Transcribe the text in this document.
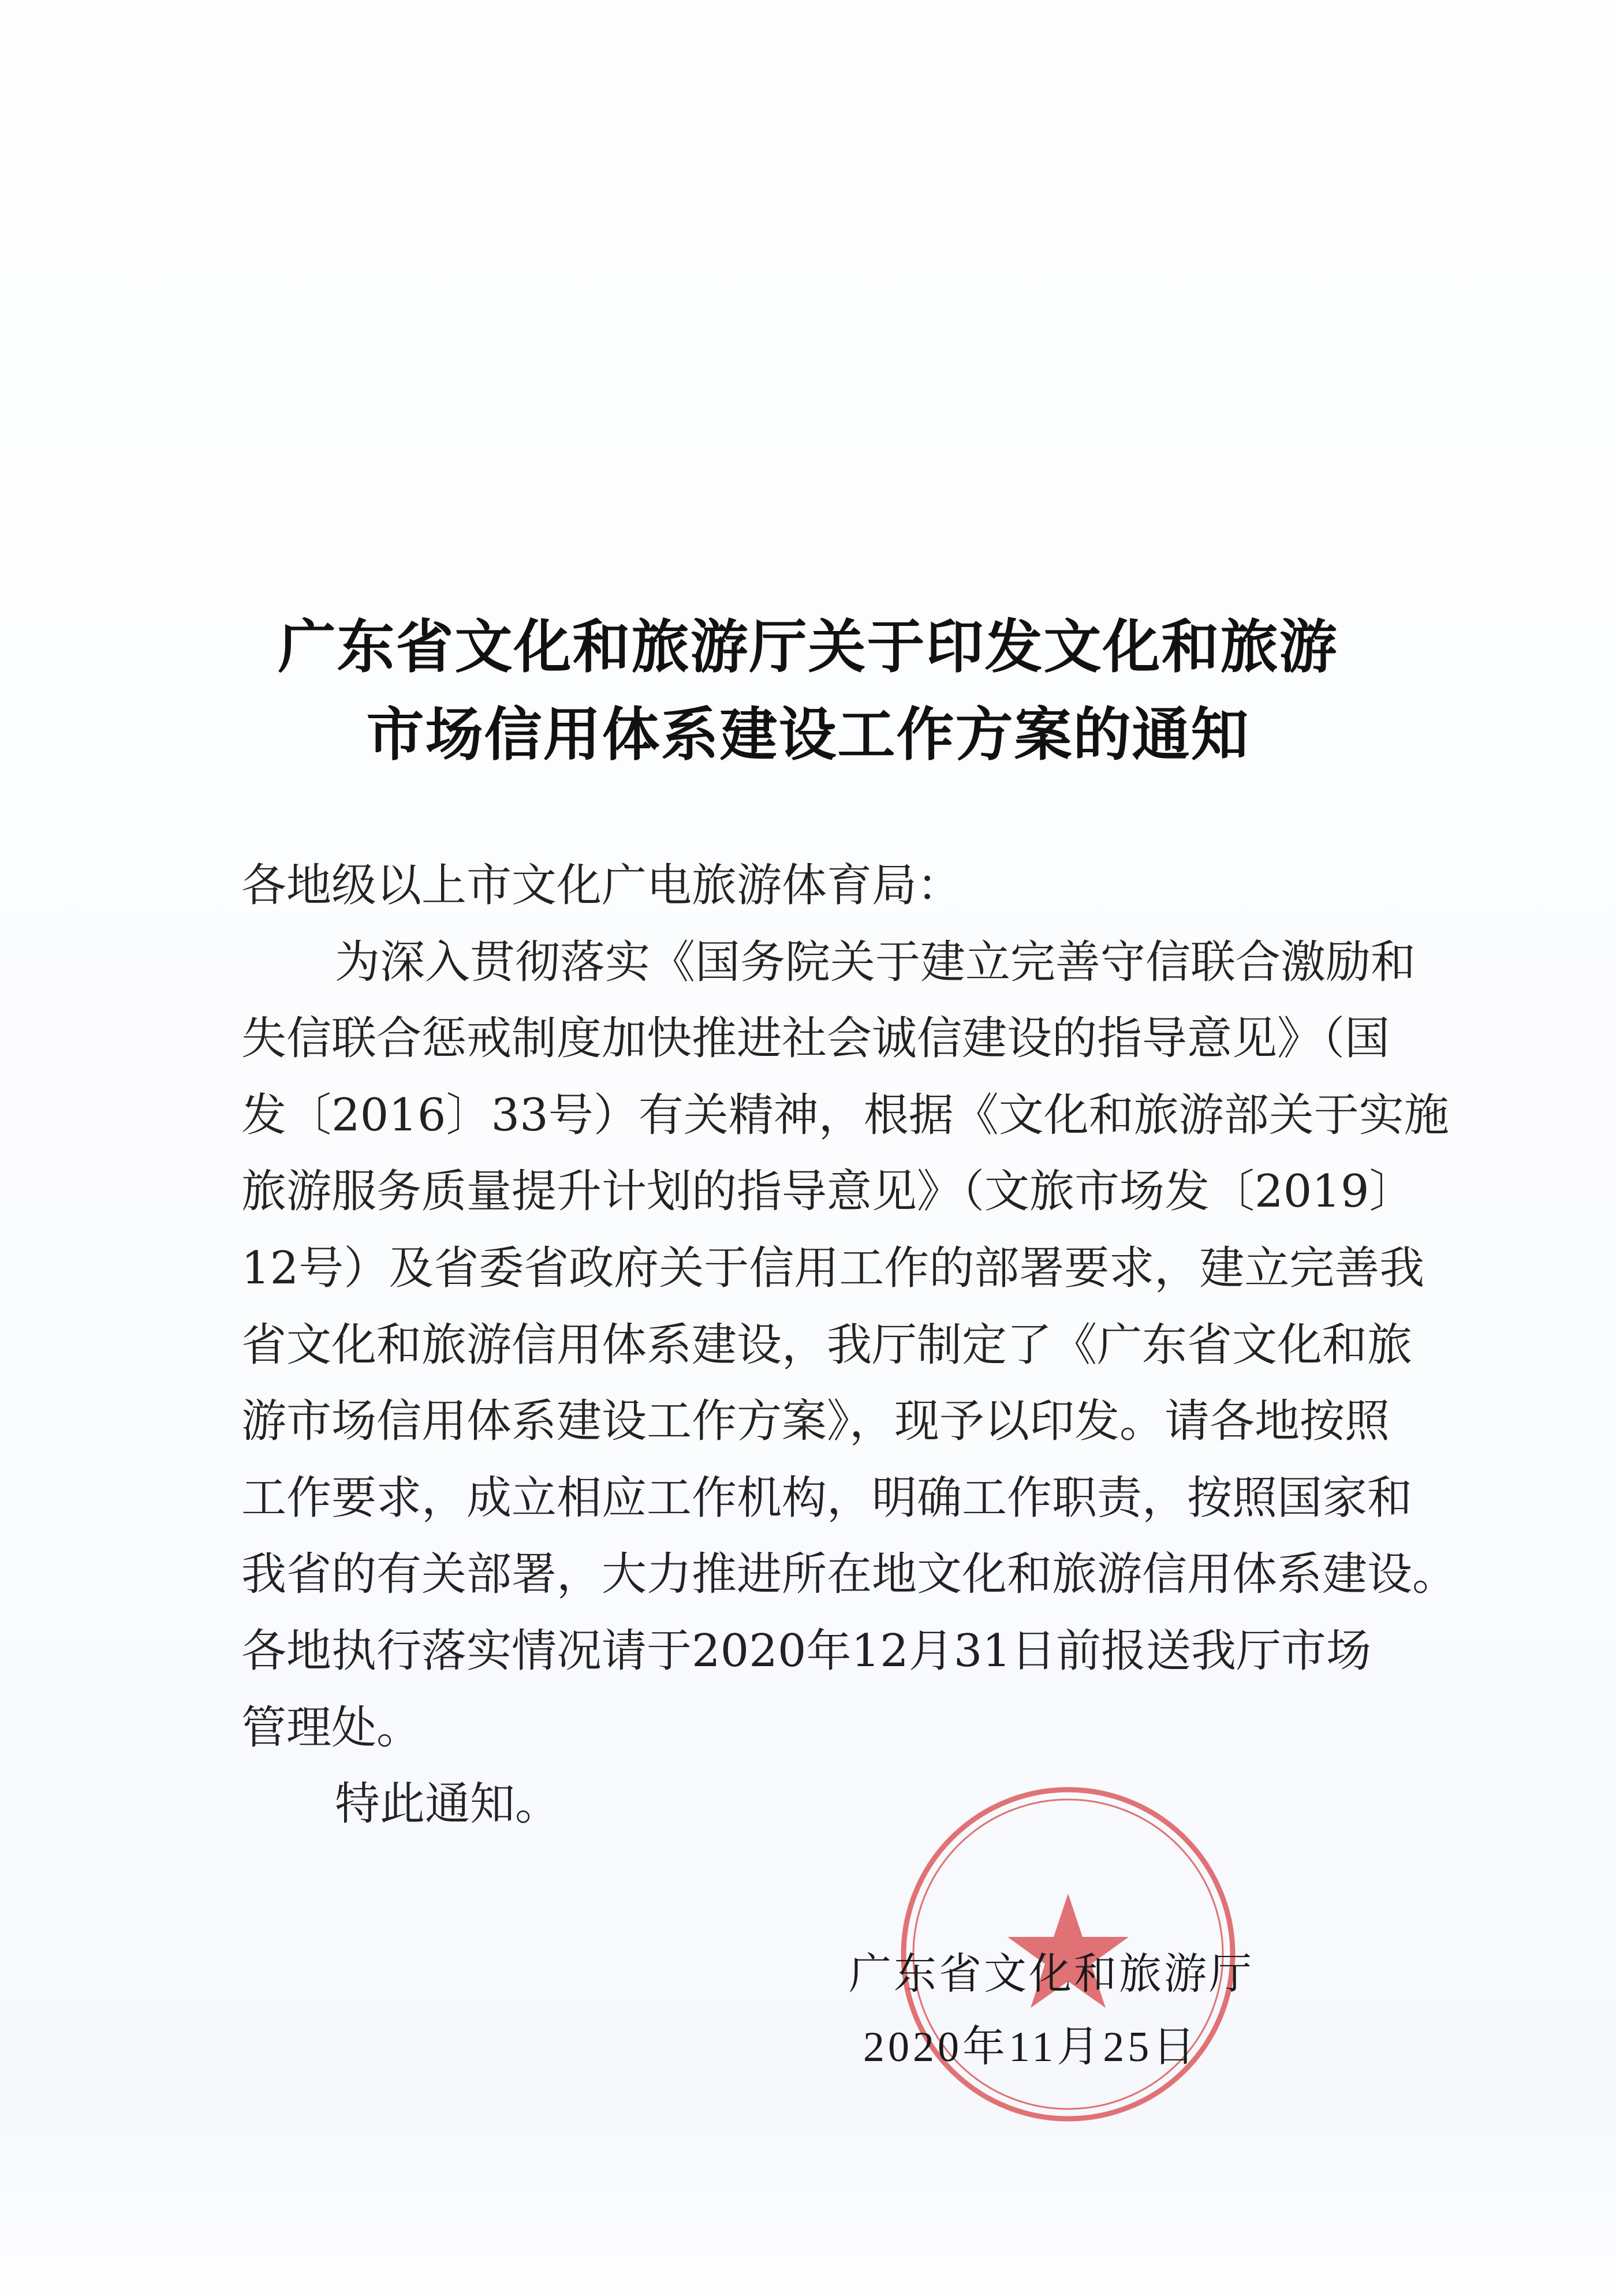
广东省文化和旅游厅关于印发文化和旅游
市场信用体系建设工作方案的通知
各地级以上市文化广电旅游体育局：
为深入贯彻落实《国务院关于建立完善守信联合激励和
失信联合惩戒制度加快推进社会诚信建设的指导意见》（国
发〔2016〕33号）有关精神，根据《文化和旅游部关于实施
旅游服务质量提升计划的指导意见》（文旅市场发〔2019〕
12号）及省委省政府关于信用工作的部署要求，建立完善我
省文化和旅游信用体系建设，我厅制定了《广东省文化和旅
游市场信用体系建设工作方案》，现予以印发。请各地按照
工作要求，成立相应工作机构，明确工作职责，按照国家和
我省的有关部署，大力推进所在地文化和旅游信用体系建设。
各地执行落实情况请于2020年12月31日前报送我厅市场
管理处。
特此通知。
广东省文化和旅游厅
2020年11月25日
